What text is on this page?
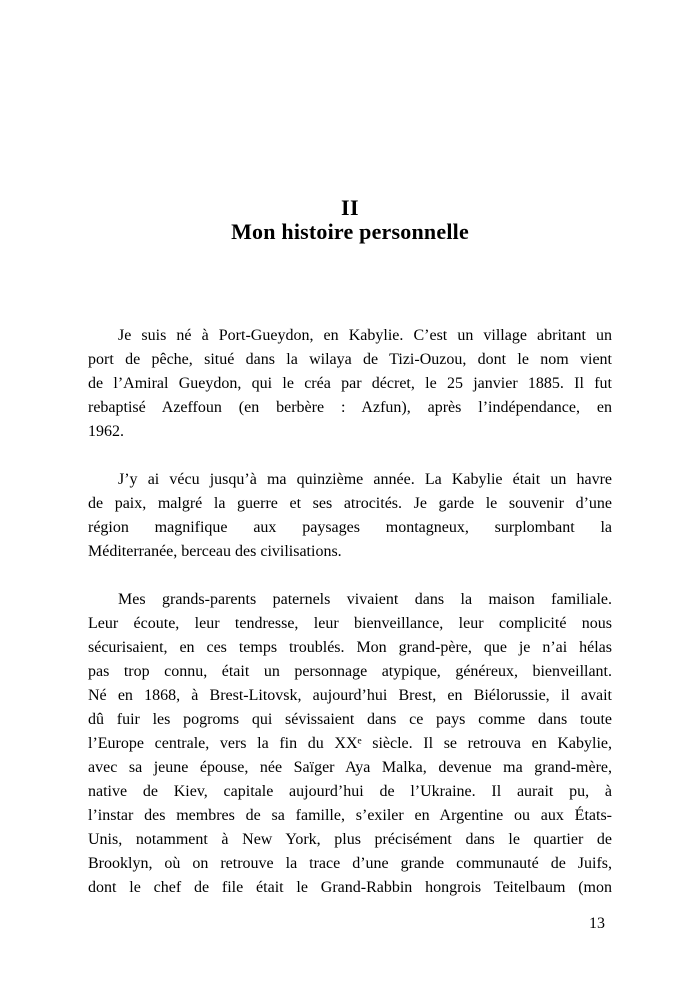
II
Mon histoire personnelle
Je suis né à Port-Gueydon, en Kabylie. C’est un village abritant un
port de pêche, situé dans la wilaya de Tizi-Ouzou, dont le nom vient
de l’Amiral Gueydon, qui le créa par décret, le 25 janvier 1885. Il fut
rebaptisé Azeffoun (en berbère : Azfun), après l’indépendance, en
1962.
J’y ai vécu jusqu’à ma quinzième année. La Kabylie était un havre
de paix, malgré la guerre et ses atrocités. Je garde le souvenir d’une
région magnifique aux paysages montagneux, surplombant la
Méditerranée, berceau des civilisations.
Mes grands-parents paternels vivaient dans la maison familiale.
Leur écoute, leur tendresse, leur bienveillance, leur complicité nous
sécurisaient, en ces temps troublés. Mon grand-père, que je n’ai hélas
pas trop connu, était un personnage atypique, généreux, bienveillant.
Né en 1868, à Brest-Litovsk, aujourd’hui Brest, en Biélorussie, il avait
dû fuir les pogroms qui sévissaient dans ce pays comme dans toute
l’Europe centrale, vers la fin du XXᵉ siècle. Il se retrouva en Kabylie,
avec sa jeune épouse, née Saïger Aya Malka, devenue ma grand-mère,
native de Kiev, capitale aujourd’hui de l’Ukraine. Il aurait pu, à
l’instar des membres de sa famille, s’exiler en Argentine ou aux États-
Unis, notamment à New York, plus précisément dans le quartier de
Brooklyn, où on retrouve la trace d’une grande communauté de Juifs,
dont le chef de file était le Grand-Rabbin hongrois Teitelbaum (mon
13
